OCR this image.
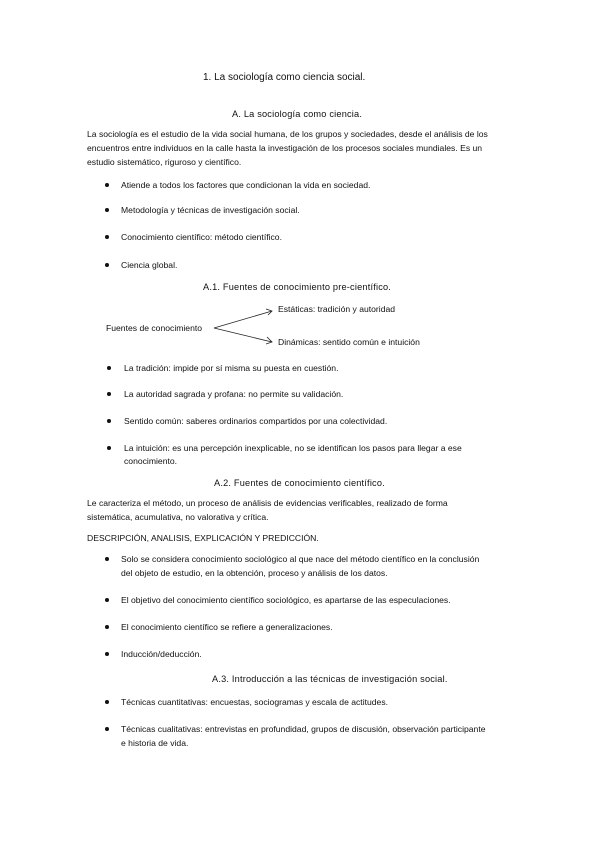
1. La sociología como ciencia social.
A. La sociología como ciencia.
La sociología es el estudio de la vida social humana, de los grupos y sociedades, desde el análisis de los
encuentros entre individuos en la calle hasta la investigación de los procesos sociales mundiales. Es un
estudio sistemático, riguroso y científico.
Atiende a todos los factores que condicionan la vida en sociedad.
Metodología y técnicas de investigación social.
Conocimiento científico: método científico.
Ciencia global.
A.1. Fuentes de conocimiento pre-científico.
Estáticas: tradición y autoridad
Fuentes de conocimiento
Dinámicas: sentido común e intuición
La tradición: impide por sí misma su puesta en cuestión.
La autoridad sagrada y profana: no permite su validación.
Sentido común: saberes ordinarios compartidos por una colectividad.
La intuición: es una percepción inexplicable, no se identifican los pasos para llegar a ese
conocimiento.
A.2. Fuentes de conocimiento científico.
Le caracteriza el método, un proceso de análisis de evidencias verificables, realizado de forma
sistemática, acumulativa, no valorativa y crítica.
DESCRIPCIÓN, ANALISIS, EXPLICACIÓN Y PREDICCIÓN.
Solo se considera conocimiento sociológico al que nace del método científico en la conclusión
del objeto de estudio, en la obtención, proceso y análisis de los datos.
El objetivo del conocimiento científico sociológico, es apartarse de las especulaciones.
El conocimiento científico se refiere a generalizaciones.
Inducción/deducción.
A.3. Introducción a las técnicas de investigación social.
Técnicas cuantitativas: encuestas, sociogramas y escala de actitudes.
Técnicas cualitativas: entrevistas en profundidad, grupos de discusión, observación participante
e historia de vida.
